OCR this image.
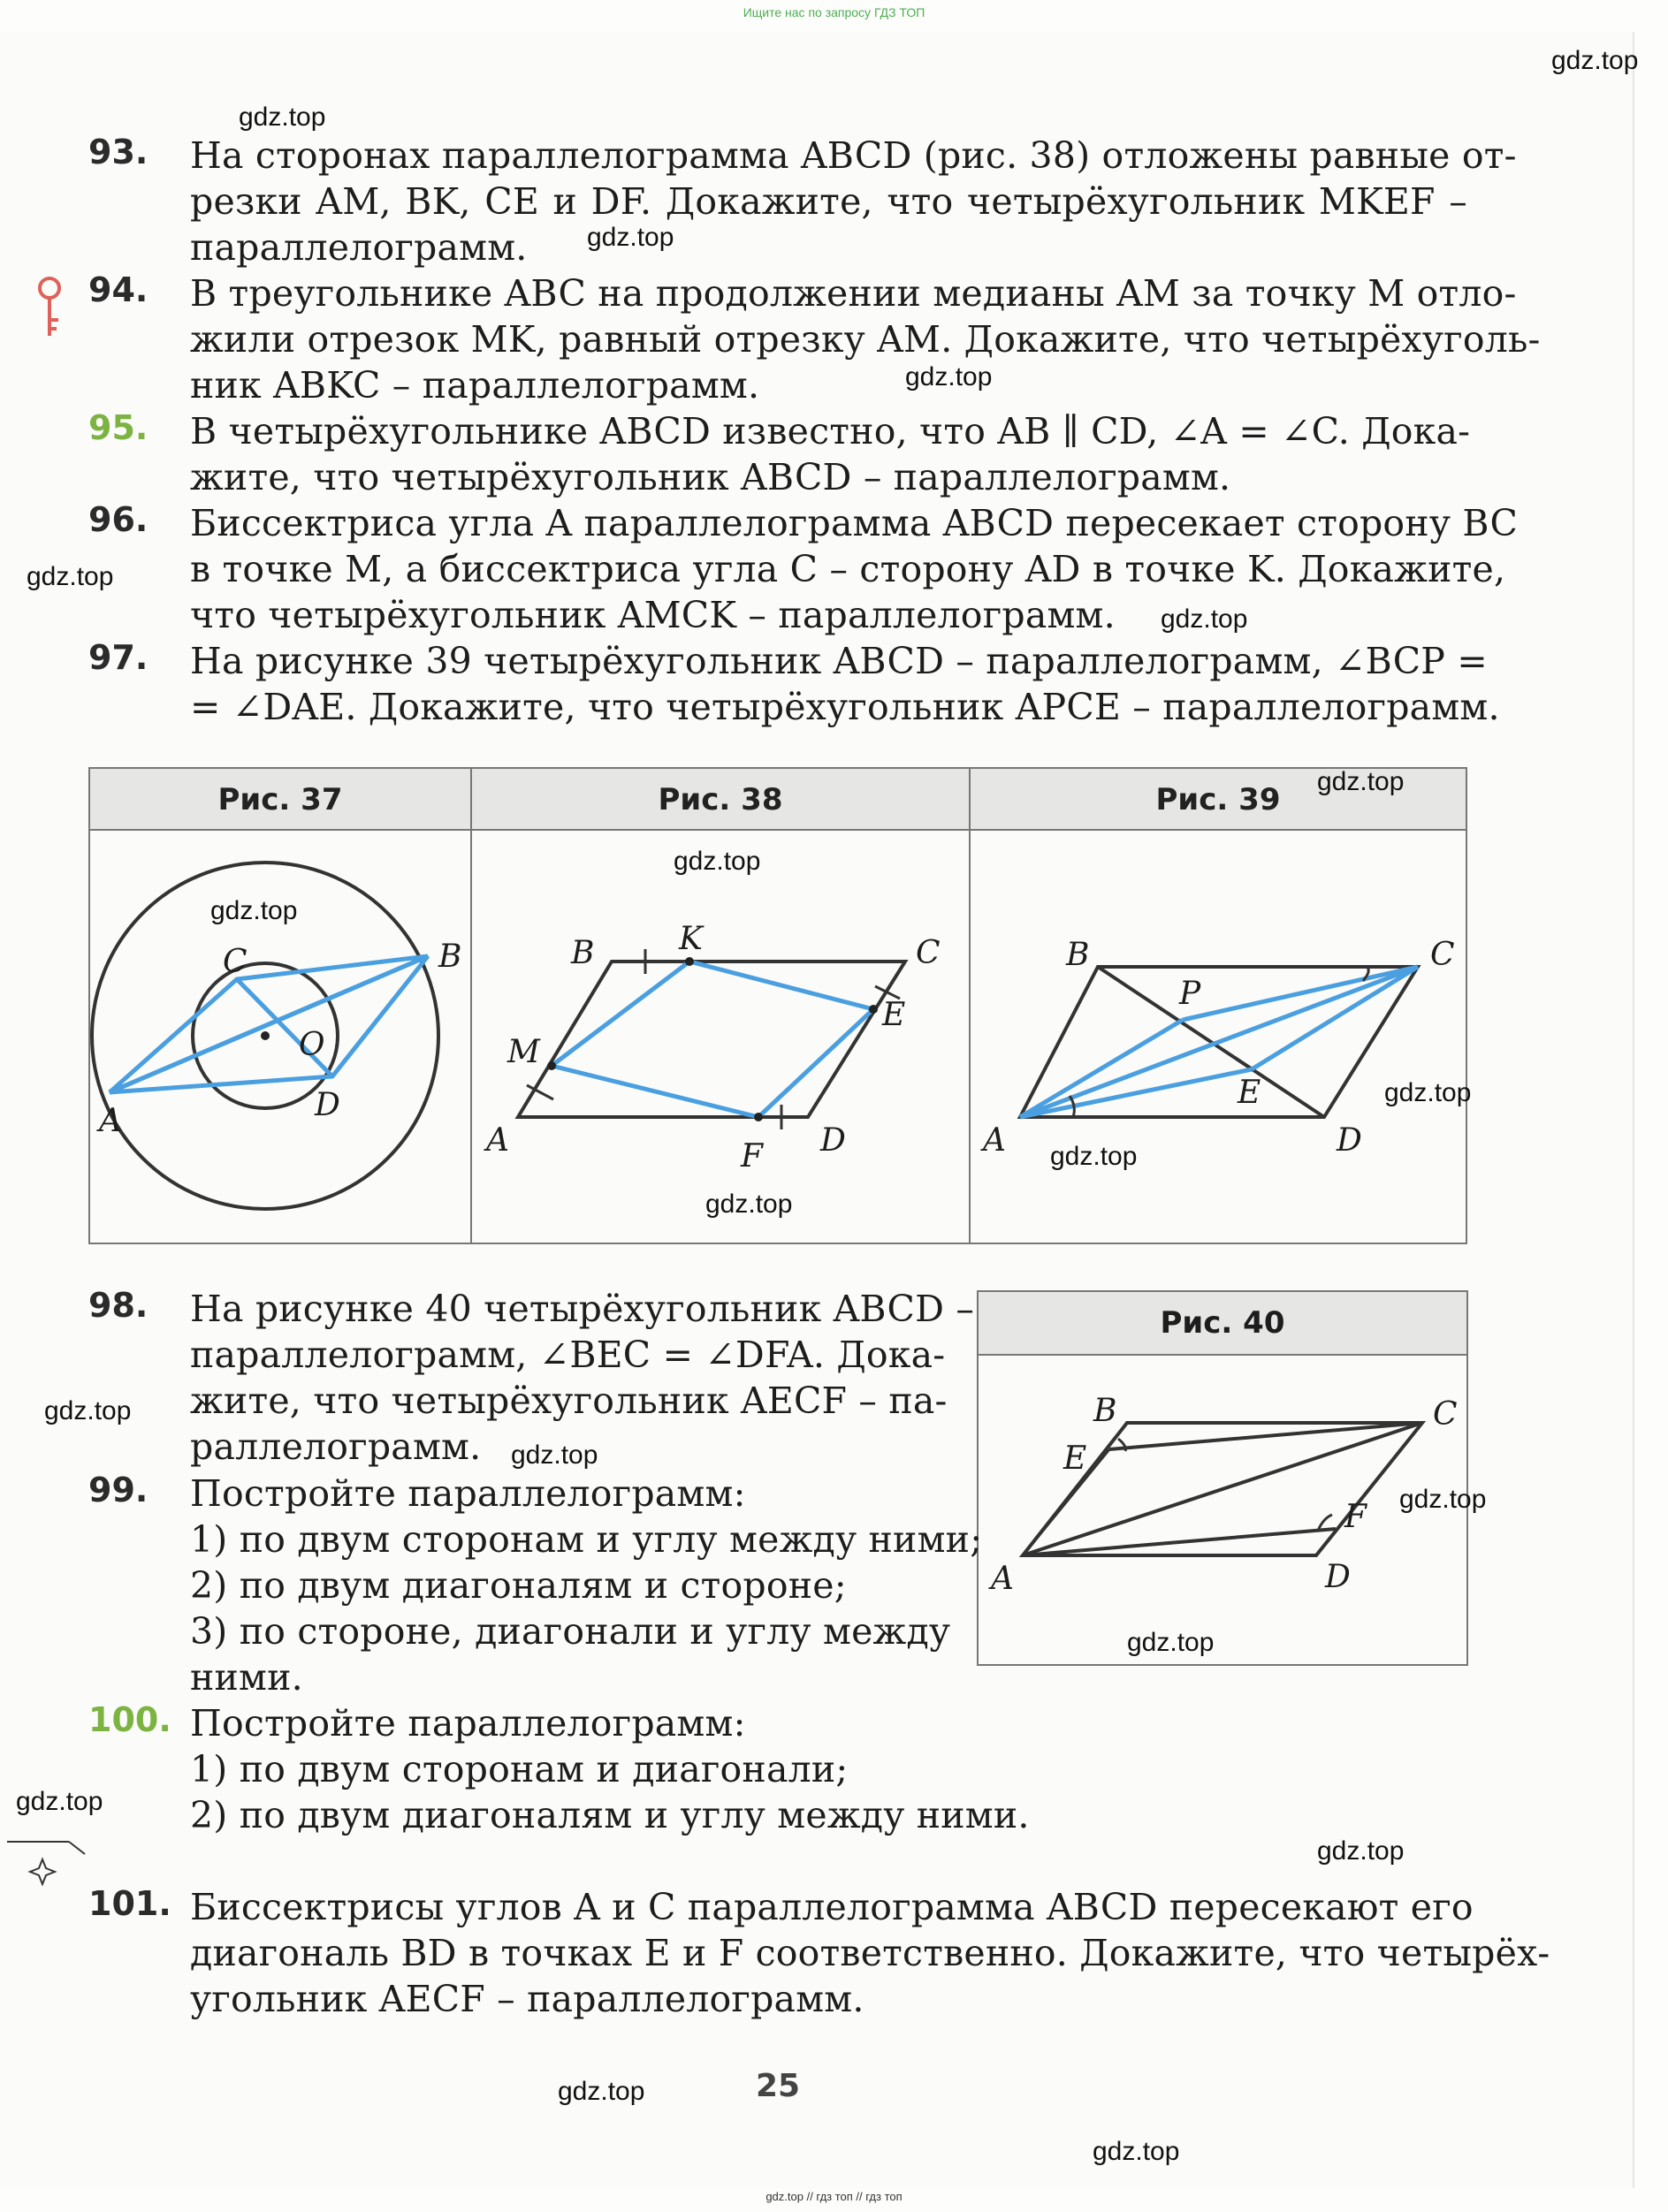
Ищите нас по запросу ГДЗ ТОП
93. На сторонах параллелограмма ABCD (рис. 38) отложены равные от-
резки AM, BK, CE и DF. Докажите, что четырёхугольник MKEF –
параллелограмм.
94. В треугольнике ABC на продолжении медианы AM за точку M отло-
жили отрезок MK, равный отрезку AM. Докажите, что четырёхуголь-
ник ABKC – параллелограмм.
95. В четырёхугольнике ABCD известно, что AB ∥ CD, ∠A = ∠C. Дока-
жите, что четырёхугольник ABCD – параллелограмм.
96. Биссектриса угла A параллелограмма ABCD пересекает сторону BC
в точке M, а биссектриса угла C – сторону AD в точке K. Докажите,
что четырёхугольник AMCK – параллелограмм.
97. На рисунке 39 четырёхугольник ABCD – параллелограмм, ∠BCP =
= ∠DAE. Докажите, что четырёхугольник APCE – параллелограмм.
Рис. 37
A
B
C
D
O
Рис. 38
A
B	C
D
K
E
F
M
Рис. 39
A
B	C
D
P
E
98. На рисунке 40 четырёхугольник ABCD –
параллелограмм, ∠BEC = ∠DFA. Дока-
жите, что четырёхугольник AECF – па-
раллелограмм.
Рис. 40
A
B	C
D
E
F
99. Постройте параллелограмм:
1) по двум сторонам и углу между ними;
2) по двум диагоналям и стороне;
3) по стороне, диагонали и углу между
ними.
100. Постройте параллелограмм:
1) по двум сторонам и диагонали;
2) по двум диагоналям и углу между ними.
101. Биссектрисы углов A и C параллелограмма ABCD пересекают его
диагональ BD в точках E и F соответственно. Докажите, что четырёх-
угольник AECF – параллелограмм.
25
gdz.top
gdz.top
gdz.top
gdz.top
gdz.top
gdz.top
gdz.top
gdz.top
gdz.top
gdz.top
gdz.top
gdz.top
gdz.top
gdz.top
gdz.top
gdz.top
gdz.top
gdz.top
gdz.top
gdz.top
gdz.top // гдз топ // гдз топ
